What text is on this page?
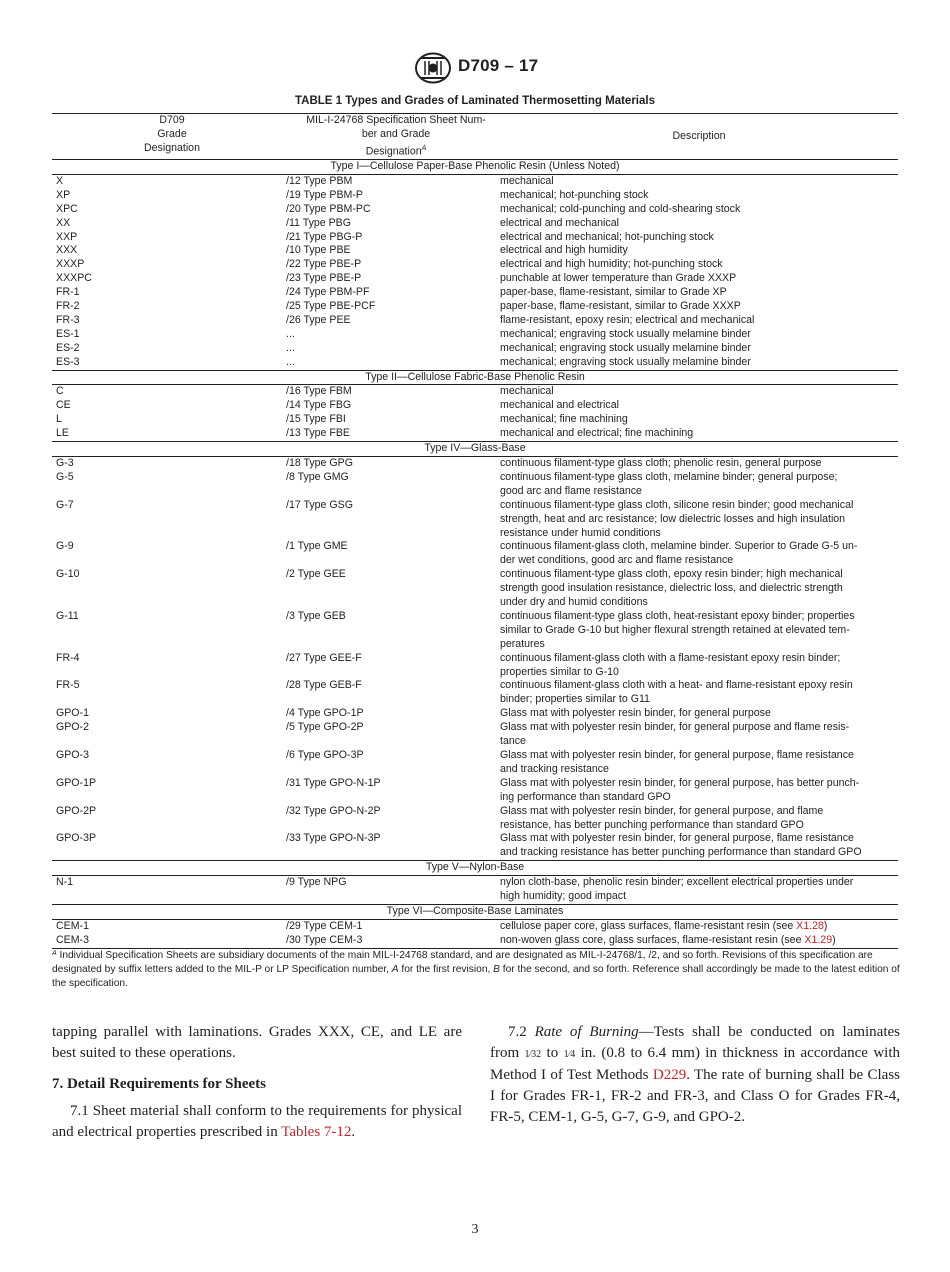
D709 – 17
TABLE 1 Types and Grades of Laminated Thermosetting Materials
D709
Grade
Designation
MIL-I-24768 Specification Sheet Num-
ber and Grade
Designation$^A$
Description
Type I—Cellulose Paper-Base Phenolic Resin (Unless Noted)
X	/12 Type PBM	mechanical
XP	/19 Type PBM-P	mechanical; hot-punching stock
XPC	/20 Type PBM-PC	mechanical; cold-punching and cold-shearing stock
XX	/11 Type PBG	electrical and mechanical
XXP	/21 Type PBG-P	electrical and mechanical; hot-punching stock
XXX	/10 Type PBE	electrical and high humidity
XXXP	/22 Type PBE-P	electrical and high humidity; hot-punching stock
XXXPC	/23 Type PBE-P	punchable at lower temperature than Grade XXXP
FR-1	/24 Type PBM-PF	paper-base, flame-resistant, similar to Grade XP
FR-2	/25 Type PBE-PCF	paper-base, flame-resistant, similar to Grade XXXP
FR-3	/26 Type PEE	flame-resistant, epoxy resin; electrical and mechanical
ES-1	...	mechanical; engraving stock usually melamine binder
ES-2	...	mechanical; engraving stock usually melamine binder
ES-3	...	mechanical; engraving stock usually melamine binder
Type II—Cellulose Fabric-Base Phenolic Resin
C	/16 Type FBM	mechanical
CE	/14 Type FBG	mechanical and electrical
L	/15 Type FBI	mechanical; fine machining
LE	/13 Type FBE	mechanical and electrical; fine machining
Type IV—Glass-Base
G-3	/18 Type GPG	continuous filament-type glass cloth; phenolic resin, general purpose
G-5	/8 Type GMG	continuous filament-type glass cloth, melamine binder; general purpose;
good arc and flame resistance
G-7	/17 Type GSG	continuous filament-type glass cloth, silicone resin binder; good mechanical
strength, heat and arc resistance; low dielectric losses and high insulation
resistance under humid conditions
G-9	/1 Type GME	continuous filament-glass cloth, melamine binder. Superior to Grade G-5 un-
der wet conditions, good arc and flame resistance
G-10	/2 Type GEE	continuous filament-type glass cloth, epoxy resin binder; high mechanical
strength good insulation resistance, dielectric loss, and dielectric strength
under dry and humid conditions
G-11	/3 Type GEB	continuous filament-type glass cloth, heat-resistant epoxy binder; properties
similar to Grade G-10 but higher flexural strength retained at elevated tem-
peratures
FR-4	/27 Type GEE-F	continuous filament-glass cloth with a flame-resistant epoxy resin binder;
properties similar to G-10
FR-5	/28 Type GEB-F	continuous filament-glass cloth with a heat- and flame-resistant epoxy resin
binder; properties similar to G11
GPO-1	/4 Type GPO-1P	Glass mat with polyester resin binder, for general purpose
GPO-2	/5 Type GPO-2P	Glass mat with polyester resin binder, for general purpose and flame resis-
tance
GPO-3	/6 Type GPO-3P	Glass mat with polyester resin binder, for general purpose, flame resistance
and tracking resistance
GPO-1P	/31 Type GPO-N-1P	Glass mat with polyester resin binder, for general purpose, has better punch-
ing performance than standard GPO
GPO-2P	/32 Type GPO-N-2P	Glass mat with polyester resin binder, for general purpose, and flame
resistance, has better punching performance than standard GPO
GPO-3P	/33 Type GPO-N-3P	Glass mat with polyester resin binder, for general purpose, flame resistance
and tracking resistance has better punching performance than standard GPO
Type V—Nylon-Base
N-1	/9 Type NPG	nylon cloth-base, phenolic resin binder; excellent electrical properties under
high humidity; good impact
Type VI—Composite-Base Laminates
CEM-1	/29 Type CEM-1	cellulose paper core, glass surfaces, flame-resistant resin (see X1.28)
CEM-3	/30 Type CEM-3	non-woven glass core, glass surfaces, flame-resistant resin (see X1.29)
$^A$ Individual Specification Sheets are subsidiary documents of the main MIL-I-24768 standard, and are designated as MIL-I-24768/1, /2, and so forth. Revisions of this specification are designated by suffix letters added to the MIL-P or LP Specification number, A for the first revision, B for the second, and so forth. Reference shall accordingly be made to the latest edition of the specification.
tapping parallel with laminations. Grades XXX, CE, and LE are best suited to these operations.
7. Detail Requirements for Sheets
7.1 Sheet material shall conform to the requirements for physical and electrical properties prescribed in Tables 7-12.
7.2 Rate of Burning—Tests shall be conducted on laminates from 1⁄32 to 1⁄4 in. (0.8 to 6.4 mm) in thickness in accordance with Method I of Test Methods D229. The rate of burning shall be Class I for Grades FR-1, FR-2 and FR-3, and Class O for Grades FR-4, FR-5, CEM-1, G-5, G-7, G-9, and GPO-2.
3
